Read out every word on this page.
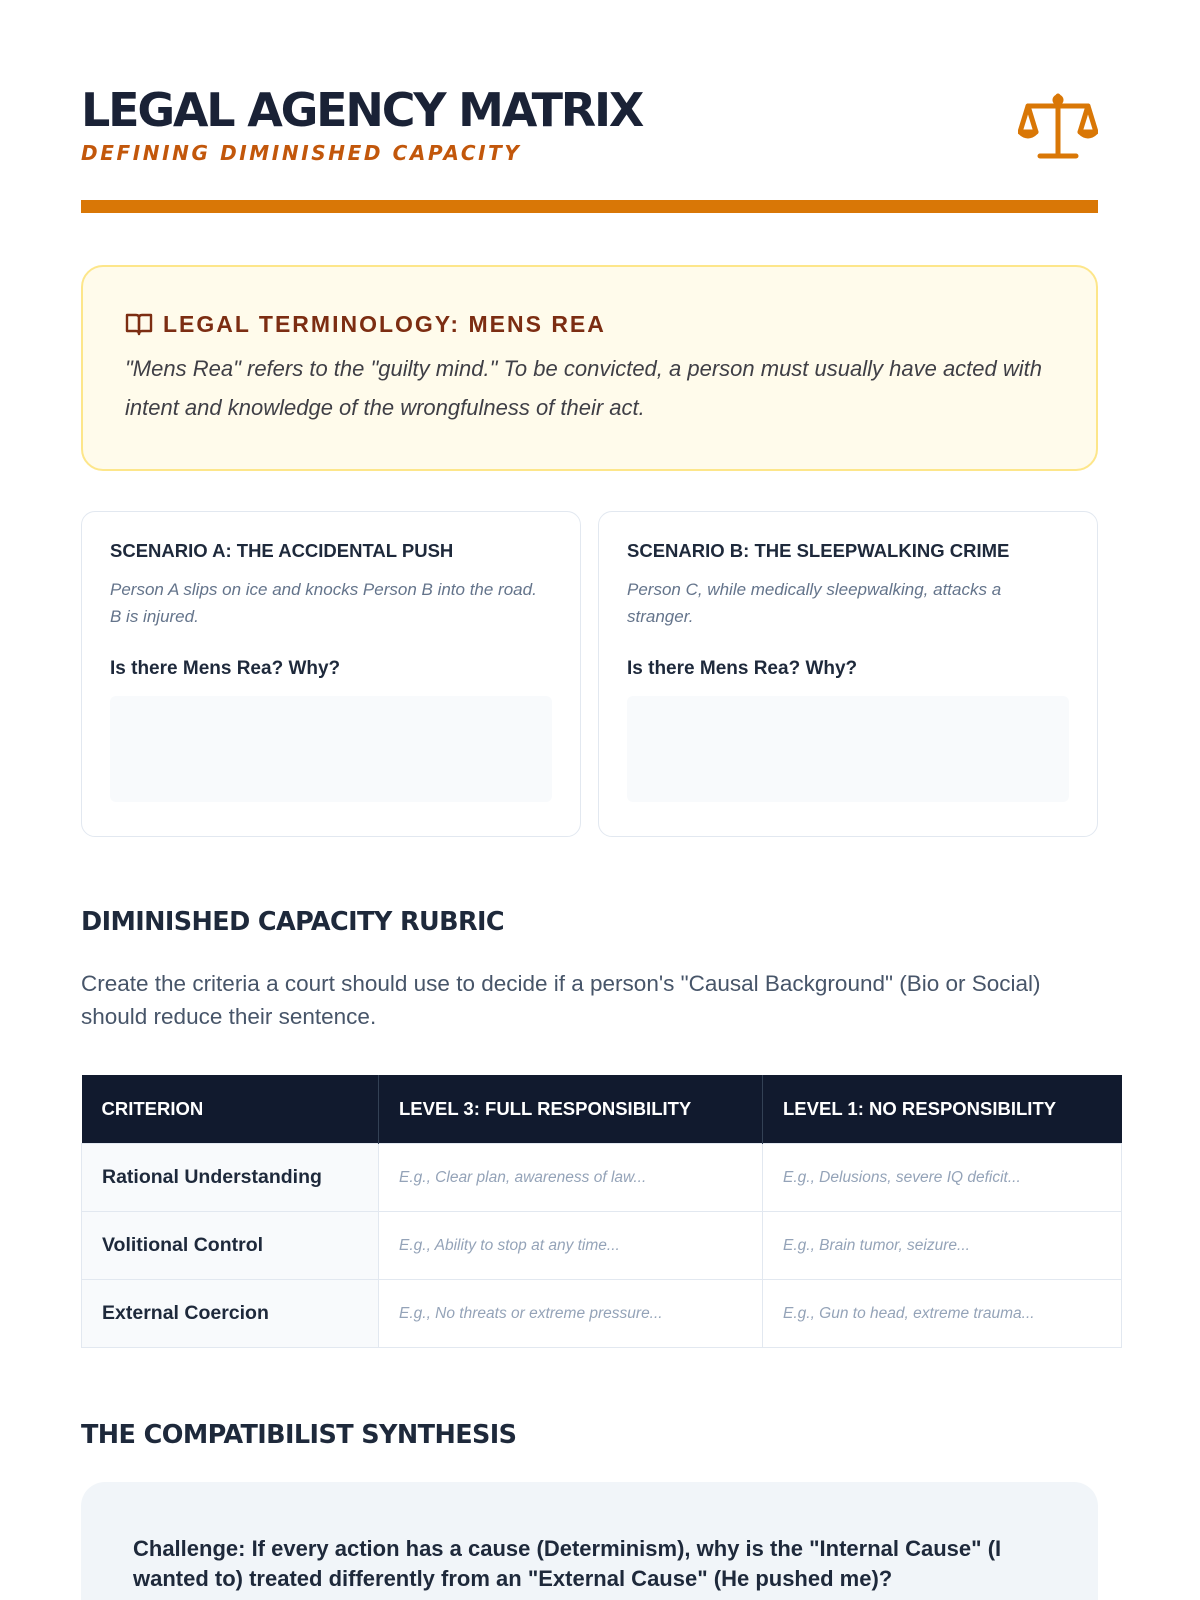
LEGAL AGENCY MATRIX
DEFINING DIMINISHED CAPACITY
LEGAL TERMINOLOGY: MENS REA
"Mens Rea" refers to the "guilty mind." To be convicted, a person must usually have acted with intent and knowledge of the wrongfulness of their act.
SCENARIO A: THE ACCIDENTAL PUSH
Person A slips on ice and knocks Person B into the road. B is injured.
Is there Mens Rea? Why?
SCENARIO B: THE SLEEPWALKING CRIME
Person C, while medically sleepwalking, attacks a stranger.
Is there Mens Rea? Why?
DIMINISHED CAPACITY RUBRIC
Create the criteria a court should use to decide if a person's "Causal Background" (Bio or Social) should reduce their sentence.
CRITERION	LEVEL 3: FULL RESPONSIBILITY	LEVEL 1: NO RESPONSIBILITY
Rational Understanding	E.g., Clear plan, awareness of law...	E.g., Delusions, severe IQ deficit...
Volitional Control	E.g., Ability to stop at any time...	E.g., Brain tumor, seizure...
External Coercion	E.g., No threats or extreme pressure...	E.g., Gun to head, extreme trauma...
THE COMPATIBILIST SYNTHESIS
Challenge: If every action has a cause (Determinism), why is the "Internal Cause" (I wanted to) treated differently from an "External Cause" (He pushed me)?
